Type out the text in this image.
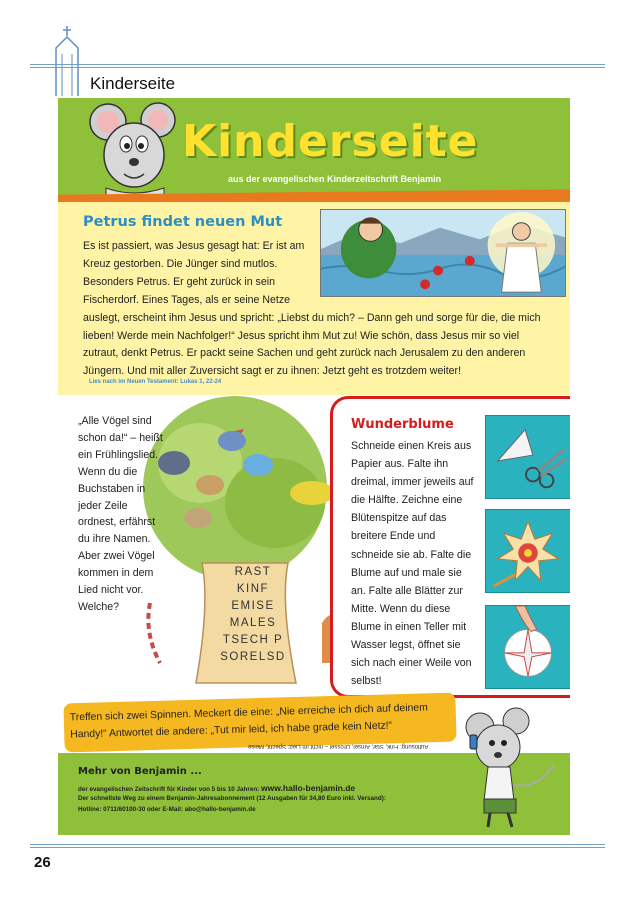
Kinderseite
Kinderseite
aus der evangelischen Kinderzeitschrift Benjamin
Petrus findet neuen Mut
Es ist passiert, was Jesus gesagt hat: Er ist am Kreuz gestorben. Die Jünger sind mutlos. Besonders Petrus. Er geht zurück in sein Fischerdorf. Eines Tages, als er seine Netze
auslegt, erscheint ihm Jesus und spricht: „Liebst du mich? – Dann geh und sorge für die, die mich lieben! Werde mein Nachfolger!“ Jesus spricht ihm Mut zu! Wie schön, dass Jesus mir so viel zutraut, denkt Petrus. Er packt seine Sachen und geht zurück nach Jerusalem zu den anderen Jüngern. Und mit aller Zuversicht sagt er zu ihnen: Jetzt geht es trotzdem weiter!
Lies nach im Neuen Testament: Lukas 1, 22-24
RAST
KINF
EMISE
MALES
TSECH P
SORELSD
„Alle Vögel sind schon da!“ – heißt ein Frühlingslied. Wenn du die Buchstaben in jeder Zeile ordnest, erfährst du ihre Namen. Aber zwei Vögel kommen in dem Lied nicht vor. Welche?
Wunderblume
Schneide einen Kreis aus Papier aus. Falte ihn dreimal, immer jeweils auf die Hälfte. Zeichne eine Blütenspitze auf das breitere Ende und schneide sie ab. Falte die Blume auf und male sie an. Falte alle Blätter zur Mitte. Wenn du diese Blume in einen Teller mit Wasser legst, öffnet sie sich nach einer Weile von selbst!
Treffen sich zwei Spinnen. Meckert die eine: „Nie erreiche ich dich auf deinem Handy!“ Antwortet die andere: „Tut mir leid, ich habe grade kein Netz!“
Auflösung: Fink, Star, Amsel, Drossel – nicht im Lied: Specht, Meise
Mehr von Benjamin ...
der evangelischen Zeitschrift für Kinder von 5 bis 10 Jahren: www.hallo-benjamin.de
Der schnellste Weg zu einem Benjamin-Jahresabonnement (12 Ausgaben für 34,80 Euro inkl. Versand):
Hotline: 0711/60100-30 oder E-Mail: abo@hallo-benjamin.de
26
